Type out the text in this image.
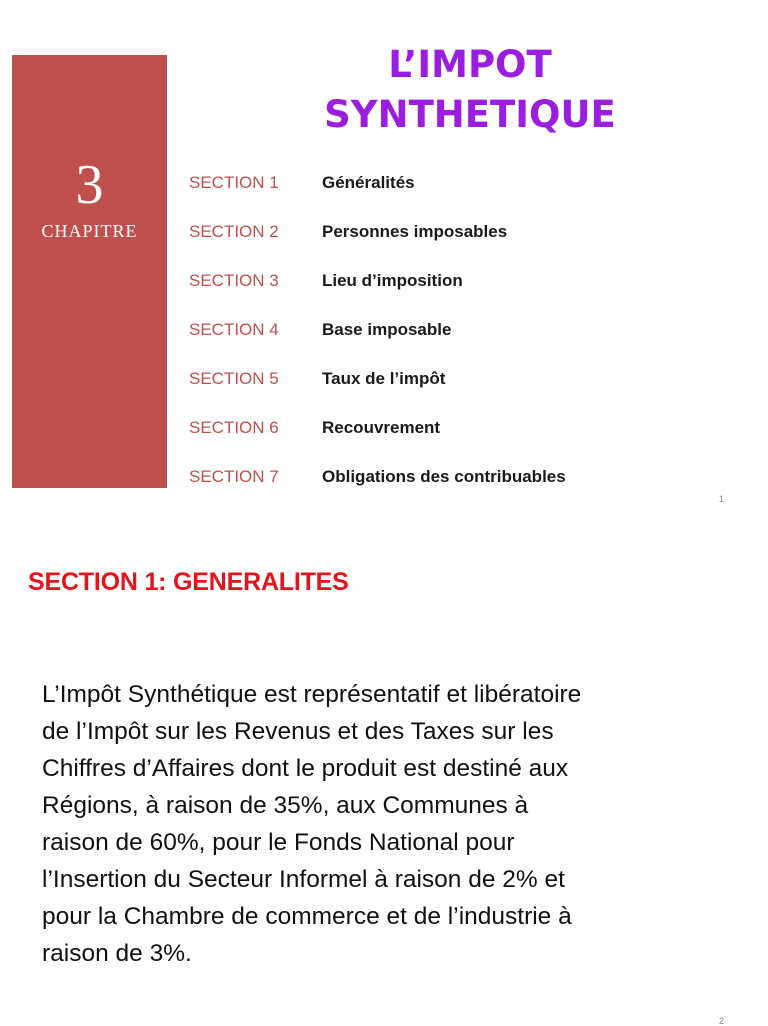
3
CHAPITRE
L’IMPOT
SYNTHETIQUE
SECTION 1	Généralités
SECTION 2	Personnes imposables
SECTION 3	Lieu d’imposition
SECTION 4	Base imposable
SECTION 5	Taux de l’impôt
SECTION 6	Recouvrement
SECTION 7	Obligations des contribuables
1
SECTION 1: GENERALITES
L’Impôt Synthétique est représentatif et libératoire
de l’Impôt sur les Revenus et des Taxes sur les
Chiffres d’Affaires dont le produit est destiné aux
Régions, à raison de 35%, aux Communes à
raison de 60%, pour le Fonds National pour
l’Insertion du Secteur Informel à raison de 2% et
pour la Chambre de commerce et de l’industrie à
raison de 3%.
2
